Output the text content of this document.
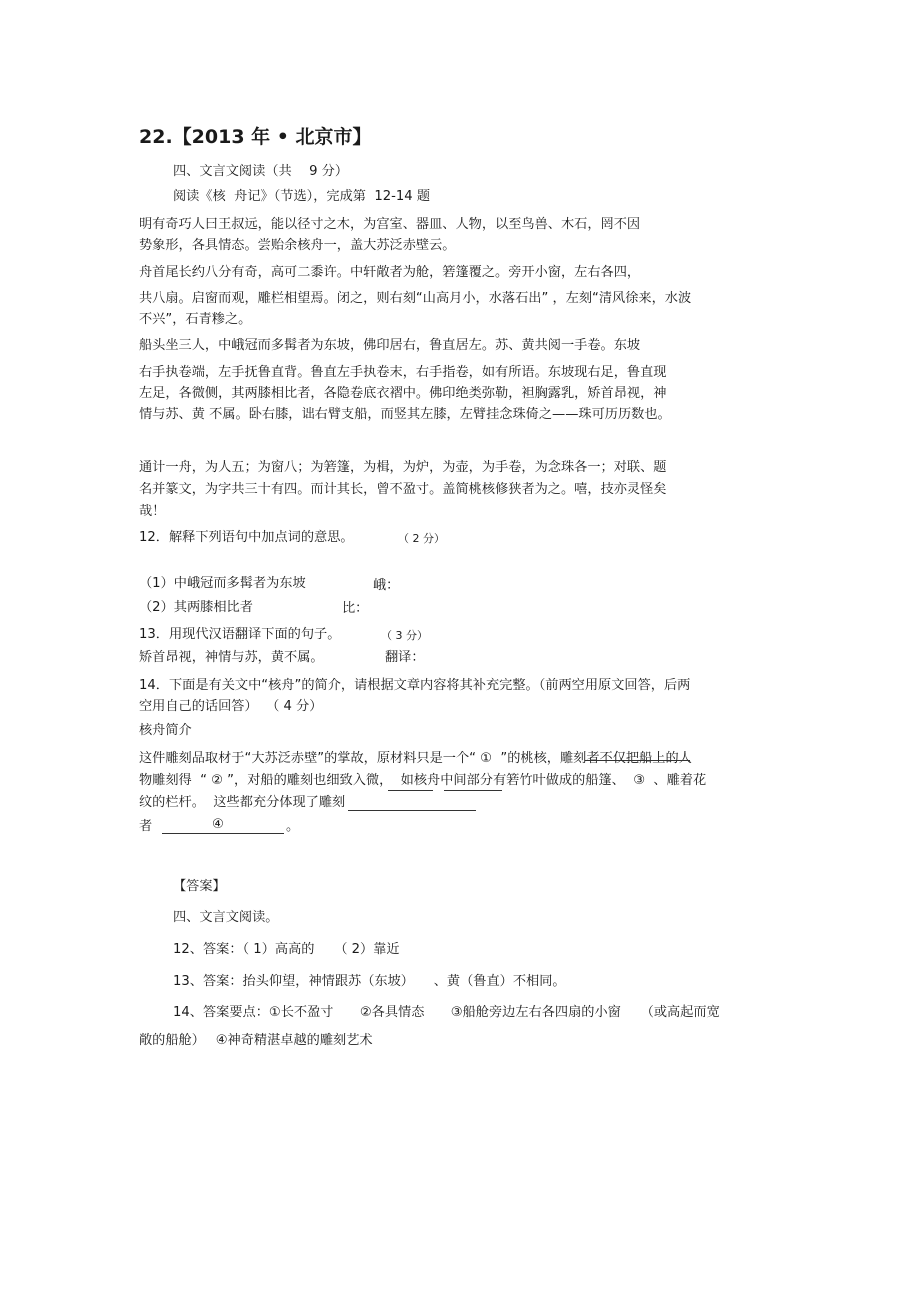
22.【2013 年 • 北京市】
四、文言文阅读（共　 9 分）
阅读《核  舟记》（节选），完成第  12-14 题
明有奇巧人曰王叔远，能以径寸之木，为宫室、器皿、人物，以至鸟兽、木石，罔不因
势象形，各具情态。尝贻余核舟一，盖大苏泛赤壁云。
舟首尾长约八分有奇，高可二黍许。中轩敞者为舱，箬篷覆之。旁开小窗，左右各四，
共八扇。启窗而观，雕栏相望焉。闭之，则右刻“山高月小，水落石出” ，左刻“清风徐来，水波
不兴”，石青糁之。
船头坐三人，中峨冠而多髯者为东坡，佛印居右，鲁直居左。苏、黄共阅一手卷。东坡
右手执卷端，左手抚鲁直背。鲁直左手执卷末，右手指卷，如有所语。东坡现右足，鲁直现
左足，各微侧，其两膝相比者，各隐卷底衣褶中。佛印绝类弥勒，袒胸露乳，矫首昂视，神
情与苏、黄 不属。卧右膝，诎右臂支船，而竖其左膝，左臂挂念珠倚之——珠可历历数也。
通计一舟，为人五；为窗八；为箬篷，为楫，为炉，为壶，为手卷，为念珠各一；对联、题
名并篆文，为字共三十有四。而计其长，曾不盈寸。盖简桃核修狭者为之。嘻，技亦灵怪矣
哉！
12．解释下列语句中加点词的意思。	（ 2 分）
（1）中峨冠而多髯者为东坡	峨：
（2）其两膝相比者	比：
13．用现代汉语翻译下面的句子。	（ 3 分）
矫首昂视，神情与苏，黄不属。	翻译：
14．下面是有关文中“核舟”的简介，请根据文章内容将其补充完整。（前两空用原文回答，后两
空用自己的话回答）  （ 4 分）
核舟简介
这件雕刻品取材于“大苏泛赤壁”的掌故，原材料只是一个“ ①  ”的桃核，雕刻者不仅把船上的人
物雕刻得  “ ② ”，对船的雕刻也细致入微，  如核舟中间部分有箬竹叶做成的船篷、  ③  、雕着花
纹的栏杆。  这些都充分体现了雕刻
者	④	。
【答案】
四、文言文阅读。
12、答案：（ 1）高高的　　（ 2）靠近
13、答案：抬头仰望，神情跟苏（东坡）　　、黄（鲁直）不相同。
14、答案要点：①长不盈寸　　②各具情态　　③船舱旁边左右各四扇的小窗　　（或高起而宽
敞的船舱）　 ④神奇精湛卓越的雕刻艺术
